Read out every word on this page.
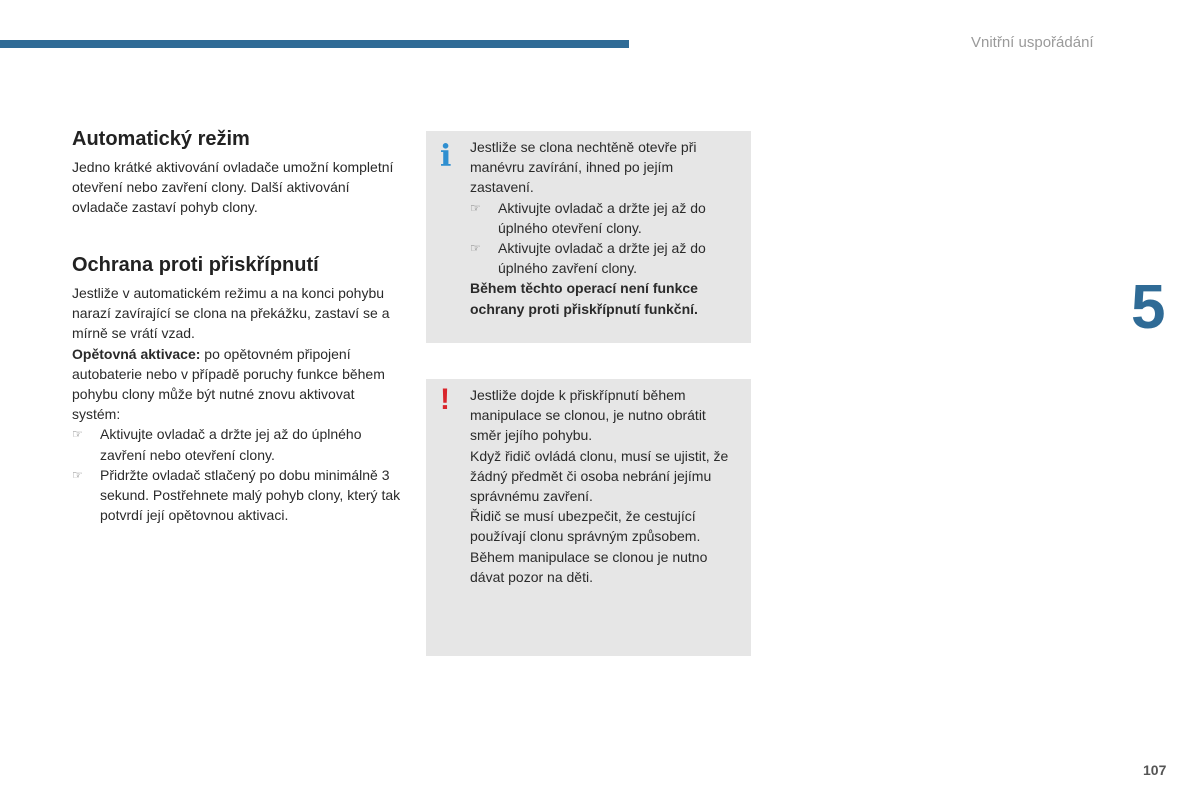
Vnitřní uspořádání
5
107
Automatický režim

Jedno krátké aktivování ovladače umožní kompletní otevření nebo zavření clony. Další aktivování ovladače zastaví pohyb clony.

Ochrana proti přiskřípnutí

Jestliže v automatickém režimu a na konci pohybu narazí zavírající se clona na překážku, zastaví se a mírně se vrátí vzad.

Opětovná aktivace: po opětovném připojení autobaterie nebo v případě poruchy funkce během pohybu clony může být nutné znovu aktivovat systém:

☞ Aktivujte ovladač a držte jej až do úplného zavření nebo otevření clony.
☞ Přidržte ovladač stlačený po dobu minimálně 3 sekund. Postřehnete malý pohyb clony, který tak potvrdí její opětovnou aktivaci.
i Jestliže se clona nechtěně otevře při manévru zavírání, ihned po jejím zastavení.

☞ Aktivujte ovladač a držte jej až do úplného otevření clony.
☞ Aktivujte ovladač a držte jej až do úplného zavření clony.

Během těchto operací není funkce ochrany proti přiskřípnutí funkční.

! Jestliže dojde k přiskřípnutí během manipulace se clonou, je nutno obrátit směr jejího pohybu.

Když řidič ovládá clonu, musí se ujistit, že žádný předmět či osoba nebrání jejímu správnému zavření.

Řidič se musí ubezpečit, že cestující používají clonu správným způsobem.

Během manipulace se clonou je nutno dávat pozor na děti.
